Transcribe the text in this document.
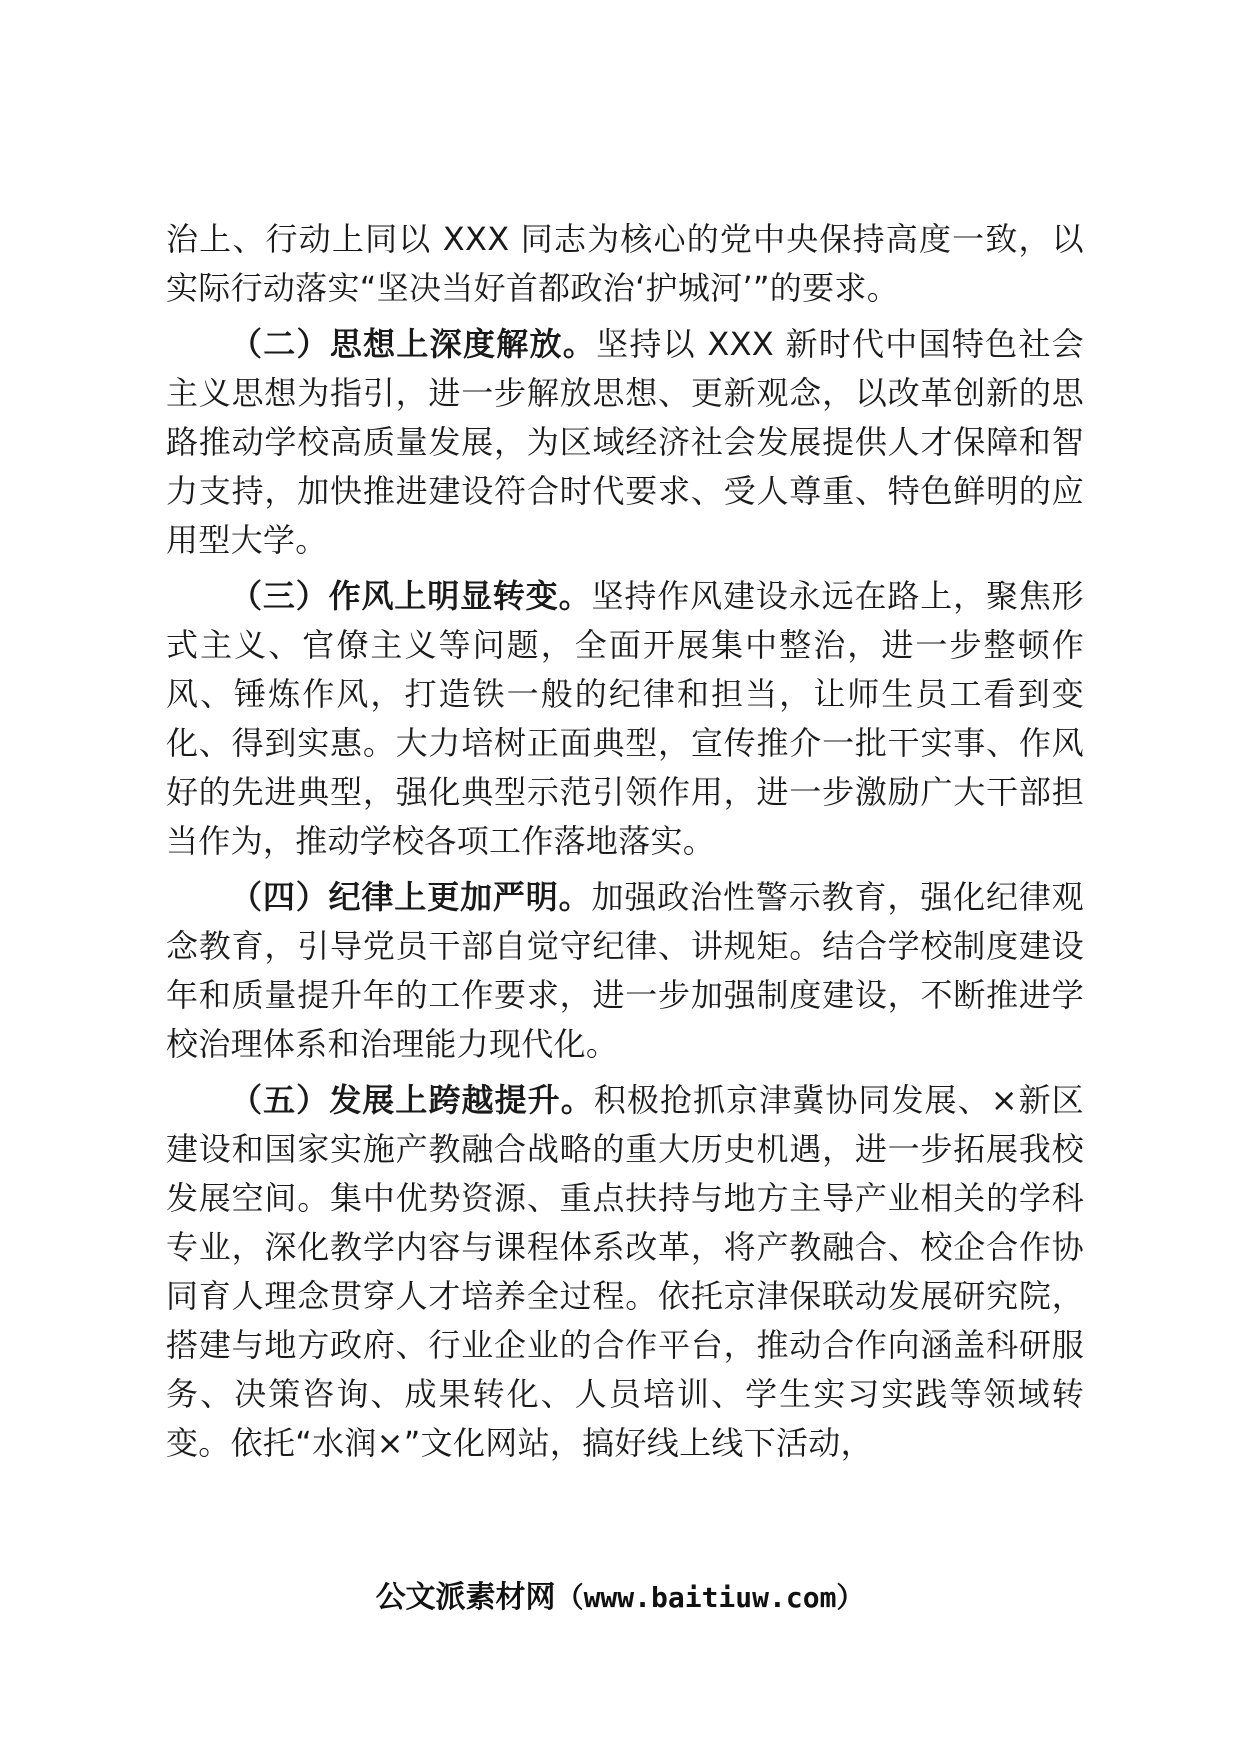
治上、行动上同以 XXX 同志为核心的党中央保持高度一致，以实际行动落实“坚决当好首都政治‘护城河’”的要求。

（二）思想上深度解放。坚持以 XXX 新时代中国特色社会主义思想为指引，进一步解放思想、更新观念，以改革创新的思路推动学校高质量发展，为区域经济社会发展提供人才保障和智力支持，加快推进建设符合时代要求、受人尊重、特色鲜明的应用型大学。

（三）作风上明显转变。坚持作风建设永远在路上，聚焦形式主义、官僚主义等问题，全面开展集中整治，进一步整顿作风、锤炼作风，打造铁一般的纪律和担当，让师生员工看到变化、得到实惠。大力培树正面典型，宣传推介一批干实事、作风好的先进典型，强化典型示范引领作用，进一步激励广大干部担当作为，推动学校各项工作落地落实。

（四）纪律上更加严明。加强政治性警示教育，强化纪律观念教育，引导党员干部自觉守纪律、讲规矩。结合学校制度建设年和质量提升年的工作要求，进一步加强制度建设，不断推进学校治理体系和治理能力现代化。

（五）发展上跨越提升。积极抢抓京津冀协同发展、×新区建设和国家实施产教融合战略的重大历史机遇，进一步拓展我校发展空间。集中优势资源、重点扶持与地方主导产业相关的学科专业，深化教学内容与课程体系改革，将产教融合、校企合作协同育人理念贯穿人才培养全过程。依托京津保联动发展研究院，搭建与地方政府、行业企业的合作平台，推动合作向涵盖科研服务、决策咨询、成果转化、人员培训、学生实习实践等领域转变。依托“水润×”文化网站，搞好线上线下活动，

公文派素材网（www.baitiuw.com）
